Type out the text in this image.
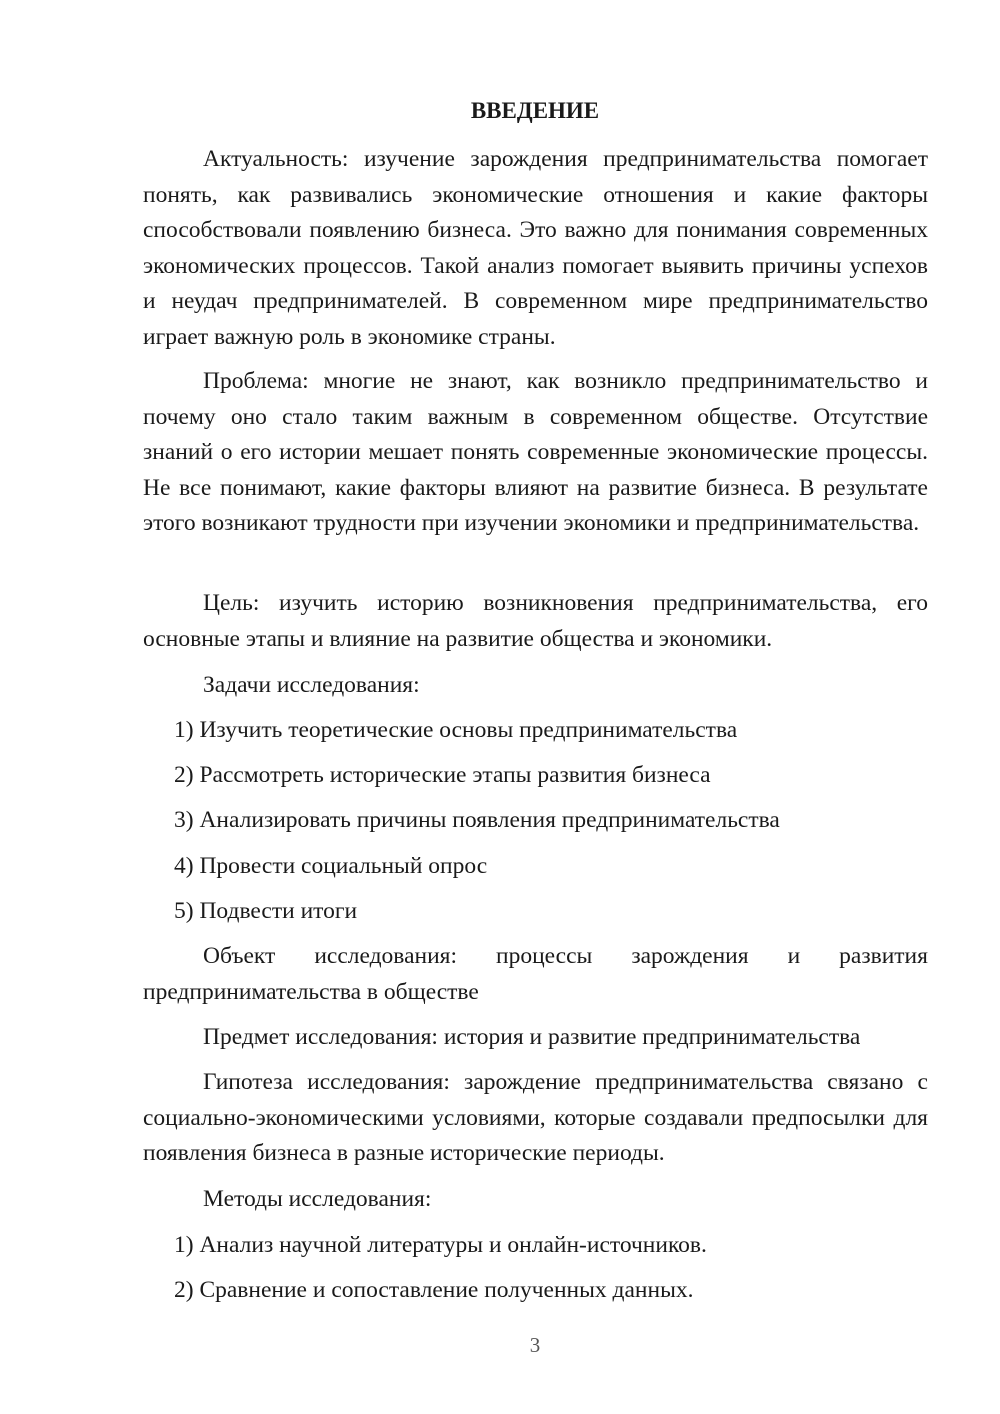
ВВЕДЕНИЕ

Актуальность: изучение зарождения предпринимательства помогает понять, как развивались экономические отношения и какие факторы способствовали появлению бизнеса. Это важно для понимания современных экономических процессов. Такой анализ помогает выявить причины успехов и неудач предпринимателей. В современном мире предпринимательство играет важную роль в экономике страны.

Проблема: многие не знают, как возникло предпринимательство и почему оно стало таким важным в современном обществе. Отсутствие знаний о его истории мешает понять современные экономические процессы. Не все понимают, какие факторы влияют на развитие бизнеса. В результате этого возникают трудности при изучении экономики и предпринимательства.

Цель: изучить историю возникновения предпринимательства, его основные этапы и влияние на развитие общества и экономики.

Задачи исследования:

1) Изучить теоретические основы предпринимательства

2) Рассмотреть исторические этапы развития бизнеса

3) Анализировать причины появления предпринимательства

4) Провести социальный опрос

5) Подвести итоги

Объект исследования: процессы зарождения и развития
предпринимательства в обществе

Предмет исследования: история и развитие предпринимательства

Гипотеза исследования: зарождение предпринимательства связано с социально-экономическими условиями, которые создавали предпосылки для появления бизнеса в разные исторические периоды.

Методы исследования:

1) Анализ научной литературы и онлайн-источников.

2) Сравнение и сопоставление полученных данных.

3
